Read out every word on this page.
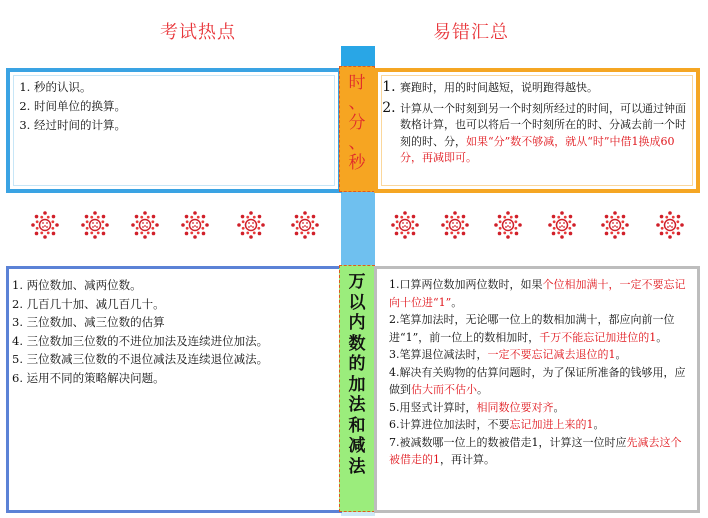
考试热点	易错汇总
1. 秒的认识。
2. 时间单位的换算。
3. 经过时间的计算。
时
、
分
、
秒
1. 赛跑时，用的时间越短，说明跑得越快。
2. 计算从一个时刻到另一个时刻所经过的时间，可以通过钟面数格计算，也可以将后一个时刻所在的时、分减去前一个时刻的时、分，如果“分”数不够减，就从“时”中借1换成60分，再减即可。
1. 两位数加、减两位数。
2. 几百几十加、减几百几十。
3. 三位数加、减三位数的估算
4. 三位数加三位数的不进位加法及连续进位加法。
5. 三位数减三位数的不退位减法及连续退位减法。
6. 运用不同的策略解决问题。
万
以
内
数
的
加
法
和
减
法
1.口算两位数加两位数时，如果个位相加满十，一定不要忘记向十位进“1”。
2.笔算加法时，无论哪一位上的数相加满十，都应向前一位进“1”，前一位上的数相加时，千万不能忘记加进位的1。
3.笔算退位减法时，一定不要忘记减去退位的1。
4.解决有关购物的估算问题时，为了保证所准备的钱够用，应做到估大而不估小。
5.用竖式计算时，相同数位要对齐。
6.计算进位加法时，不要忘记加进上来的1。
7.被减数哪一位上的数被借走1，计算这一位时应先减去这个被借走的1，再计算。
